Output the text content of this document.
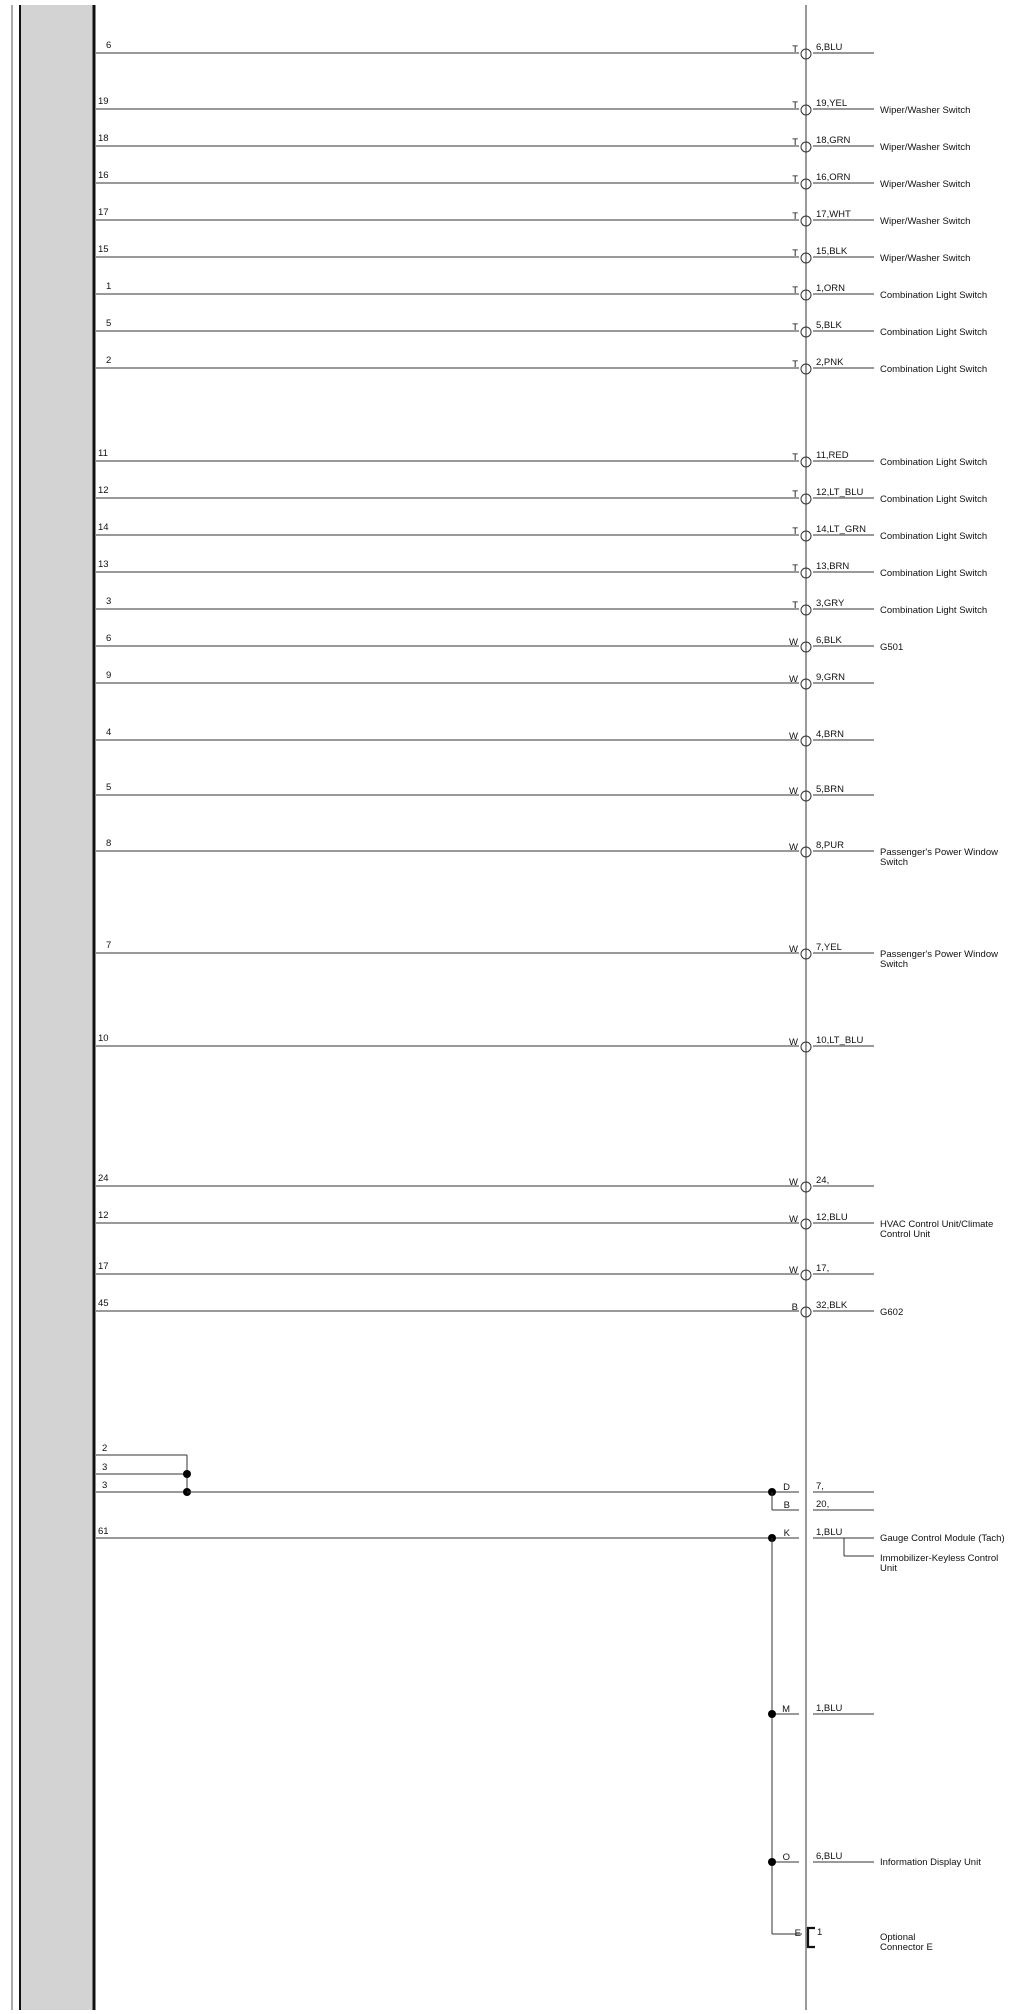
6	T 6,BLU
19	T 19,YEL
Wiper/Washer Switch
18	T 18,GRN
Wiper/Washer Switch
16	T 16,ORN
Wiper/Washer Switch
17	T 17,WHT
Wiper/Washer Switch
15	T 15,BLK
Wiper/Washer Switch
1	T 1,ORN
Combination Light Switch
5	T 5,BLK
Combination Light Switch
2	T 2,PNK
Combination Light Switch
11	T 11,RED
Combination Light Switch
12	T 12,LT_BLU
Combination Light Switch
14	T 14,LT_GRN
Combination Light Switch
13	T 13,BRN
Combination Light Switch
3	T 3,GRY
Combination Light Switch
6	W 6,BLK
G501
9	W 9,GRN
4	W 4,BRN
5	W 5,BRN
8	W 8,PUR
Passenger's Power Window
Switch
7	W 7,YEL
Passenger's Power Window
Switch
10	W 10,LT_BLU
24	W 24,
12	W 12,BLU
HVAC Control Unit/Climate
Control Unit
17	W 17,
45	B 32,BLK
G602
2
3
3	D	7,
B	20,
61	K	1,BLU
Gauge Control Module (Tach)
Immobilizer-Keyless Control
Unit
M	1,BLU
O	6,BLU
Information Display Unit
E 1	Optional
Connector E
